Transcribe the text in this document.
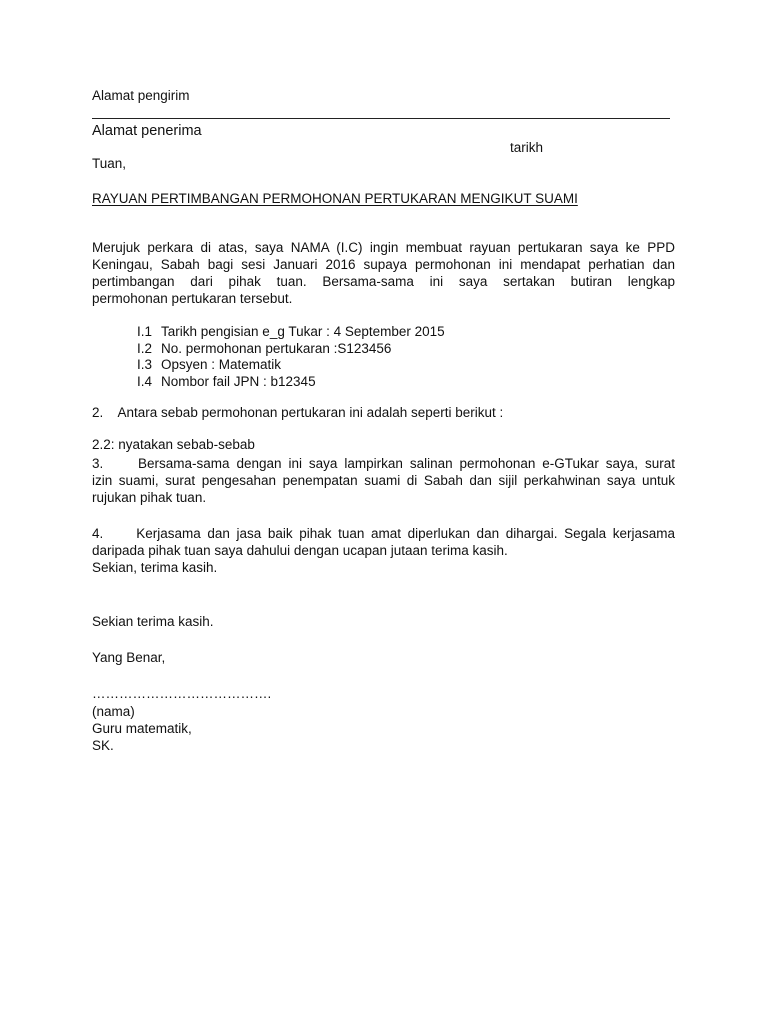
Alamat pengirim
Alamat penerima
tarikh
Tuan,
RAYUAN PERTIMBANGAN PERMOHONAN PERTUKARAN MENGIKUT SUAMI
Merujuk perkara di atas, saya NAMA (I.C) ingin membuat rayuan pertukaran saya ke PPD
Keningau, Sabah bagi sesi Januari 2016 supaya permohonan ini mendapat perhatian dan
pertimbangan dari pihak tuan. Bersama-sama ini saya sertakan butiran lengkap
permohonan pertukaran tersebut.
I.1 Tarikh pengisian e_g Tukar : 4 September 2015
I.2 No. permohonan pertukaran :S123456
I.3 Opsyen : Matematik
I.4 Nombor fail JPN : b12345
2.    Antara sebab permohonan pertukaran ini adalah seperti berikut :
2.2: nyatakan sebab-sebab
3.     Bersama-sama dengan ini saya lampirkan salinan permohonan e-GTukar saya, surat
izin suami, surat pengesahan penempatan suami di Sabah dan sijil perkahwinan saya untuk
rujukan pihak tuan.
4.     Kerjasama dan jasa baik pihak tuan amat diperlukan dan dihargai. Segala kerjasama
daripada pihak tuan saya dahului dengan ucapan jutaan terima kasih.
Sekian, terima kasih.
Sekian terima kasih.
Yang Benar,
………………………………….
(nama)
Guru matematik,
SK.
